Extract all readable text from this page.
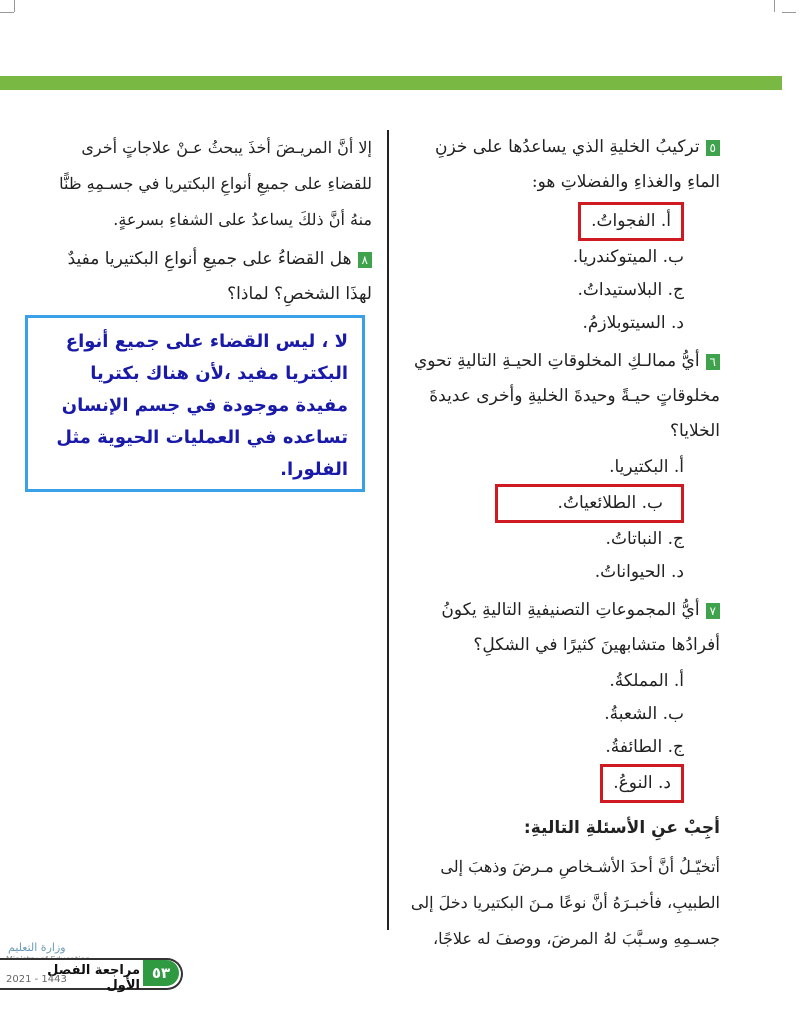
٥تركيبُ الخليةِ الذي يساعدُها على خزنِ الماءِ والغذاءِ والفضلاتِ هو:

أ. الفجواتُ.
ب. الميتوكندريا.
ج. البلاستيداتُ.
د. السيتوبلازمُ.

٦أيُّ ممالـكِ المخلوقاتِ الحيـةِ التاليةِ تحوي مخلوقاتٍ حيـةً وحيدةَ الخليةِ وأخرى عديدةَ الخلايا؟

أ. البكتيريا.
ب. الطلائعياتُ.
ج. النباتاتُ.
د. الحيواناتُ.

٧أيُّ المجموعاتِ التصنيفيةِ التاليةِ يكونُ أفرادُها متشابهينَ كثيرًا في الشكلِ؟

أ. المملكةُ.
ب. الشعبةُ.
ج. الطائفةُ.
د. النوعُ.
أجِبْ عنِ الأسئلةِ التاليةِ:

أتخيّـلُ أنَّ أحدَ الأشـخاصِ مـرضَ وذهبَ إلى الطبيبِ، فأخبـرَهُ أنَّ نوعًا مـنَ البكتيريا دخلَ إلى جسـمِهِ وسـبَّبَ لهُ المرضَ، ووصفَ له علاجًا،

إلا أنَّ المريـضَ أخذَ يبحثُ عـنْ علاجاتٍ أخرى للقضاءِ على جميعِ أنواعِ البكتيريا في جسـمِهِ ظنًّا منهُ أنَّ ذلكَ يساعدُ على الشفاءِ بسرعةٍ.

٨هل القضاءُ على جميعِ أنواعِ البكتيريا مفيدٌ لهذَا الشخصِ؟ لماذا؟

لا ، ليس القضاء على جميع أنواع البكتريا مفيد ،لأن هناك بكتريا مفيدة موجودة في جسم الإنسان تساعده في العمليات الحيوية مثل الفلورا.
وزارة التعليم
مراجعة الفصل الأول
2021 - 1443	٥٣
